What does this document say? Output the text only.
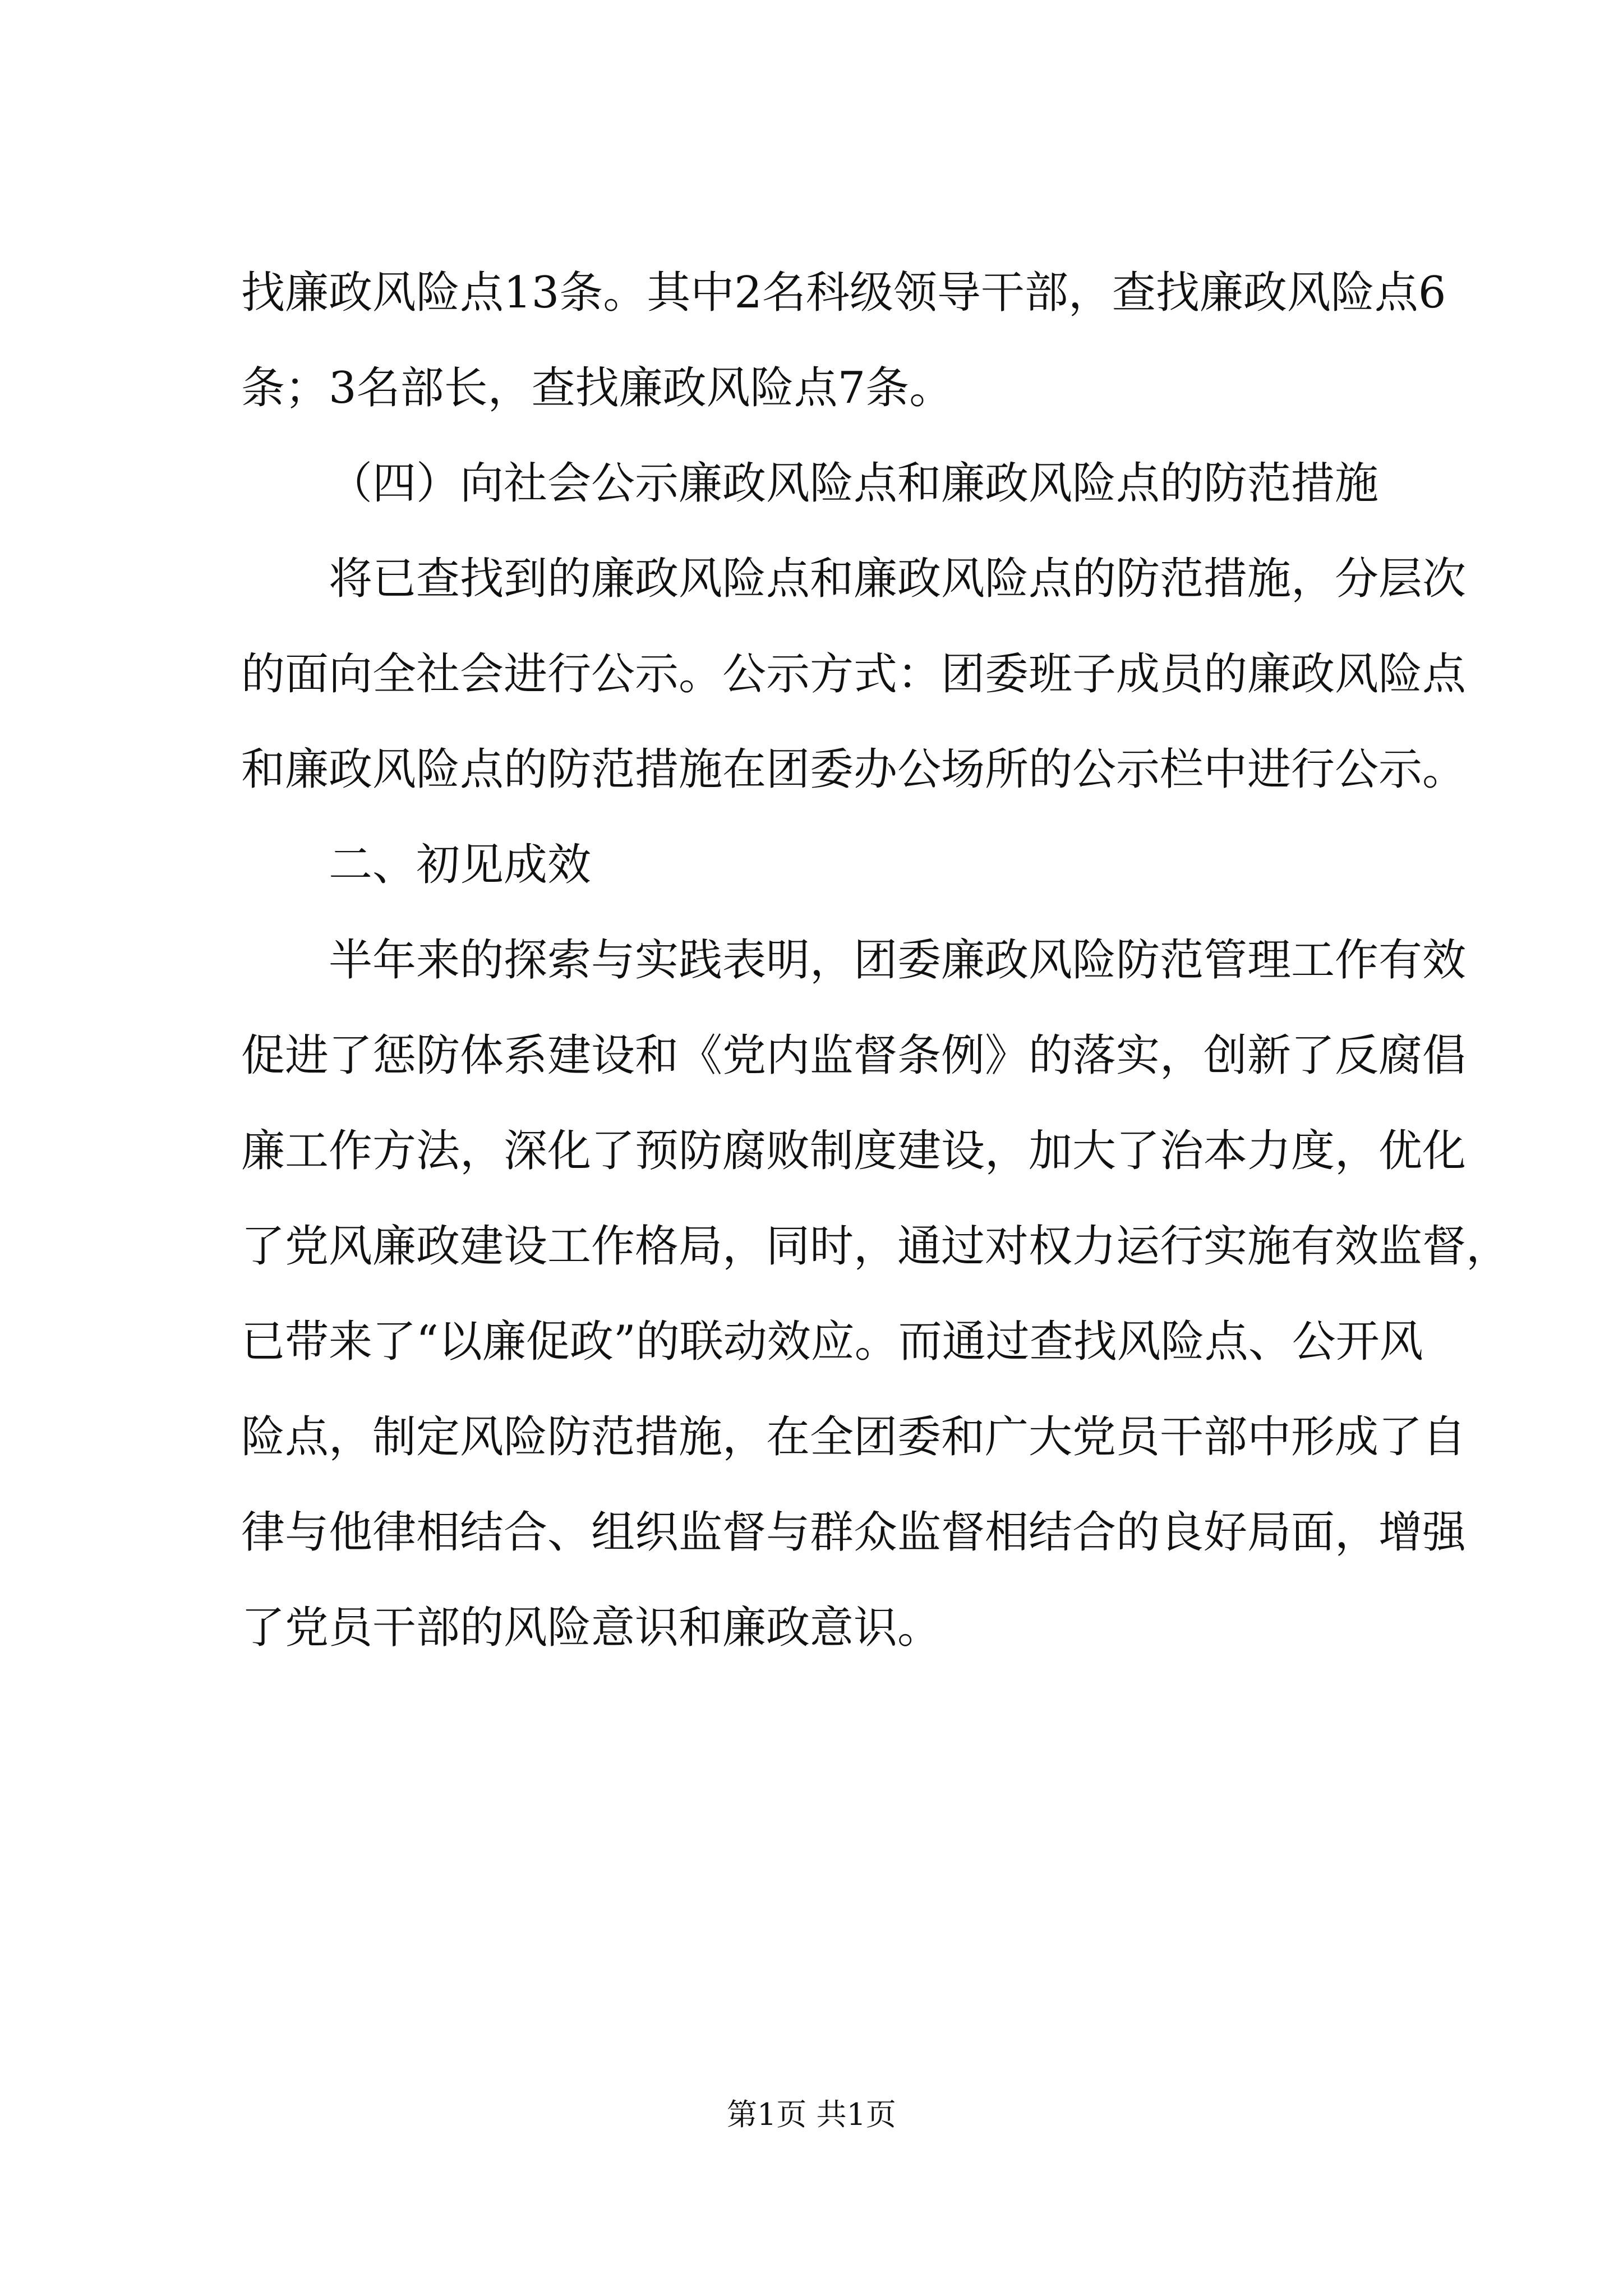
找廉政风险点13条。其中2名科级领导干部，查找廉政风险点6
条；3名部长，查找廉政风险点7条。
（四）向社会公示廉政风险点和廉政风险点的防范措施
将已查找到的廉政风险点和廉政风险点的防范措施，分层次
的面向全社会进行公示。公示方式：团委班子成员的廉政风险点
和廉政风险点的防范措施在团委办公场所的公示栏中进行公示。
二、初见成效
半年来的探索与实践表明，团委廉政风险防范管理工作有效
促进了惩防体系建设和《党内监督条例》的落实，创新了反腐倡
廉工作方法，深化了预防腐败制度建设，加大了治本力度，优化
了党风廉政建设工作格局，同时，通过对权力运行实施有效监督，
已带来了“以廉促政”的联动效应。而通过查找风险点、公开风
险点，制定风险防范措施，在全团委和广大党员干部中形成了自
律与他律相结合、组织监督与群众监督相结合的良好局面，增强
了党员干部的风险意识和廉政意识。
第1页 共1页
